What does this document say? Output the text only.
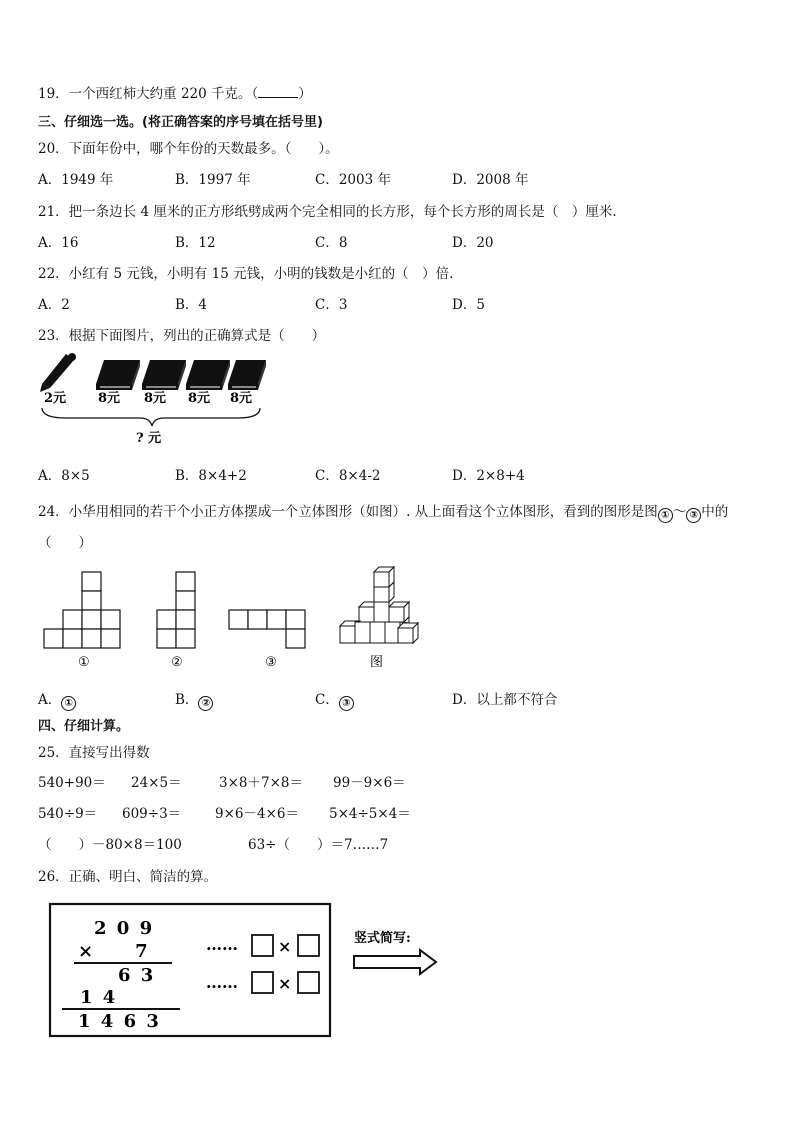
19．一个西红柿大约重 220 千克。（	）
三、仔细选一选。(将正确答案的序号填在括号里)
20．下面年份中，哪个年份的天数最多。（　　）。
A．1949 年	B．1997 年	C．2003 年	D．2008 年
21．把一条边长 4 厘米的正方形纸劈成两个完全相同的长方形，每个长方形的周长是（　）厘米.
A．16	B．12	C．8	D．20
22．小红有 5 元钱，小明有 15 元钱，小明的钱数是小红的（　）倍.
A．2	B．4	C．3	D．5
23．根据下面图片，列出的正确算式是（　　）
2元 8元 8元 8元 8元
? 元
A．8×5	B．8×4+2	C．8×4-2	D．2×8+4
24．小华用相同的若干个小正方体摆成一个立体图形（如图）. 从上面看这个立体图形，看到的图形是图 ① ～ ③ 中的
（　　）
①	②	③	图
A． ①	B． ②	C． ③	D．以上都不符合
四、仔细计算。
25．直接写出得数
540+90＝ 24×5＝	3×8＋7×8＝ 99－9×6＝
540÷9＝ 609÷3＝	9×6－4×6＝ 5×4÷5×4＝
（　　）－80×8＝100	63÷（　　）＝7……7
26．正确、明白、简洁的算。
2 0 9
×　　7
6 3
1 4
1 4 6 3
……	×
……	×
竖式简写:
